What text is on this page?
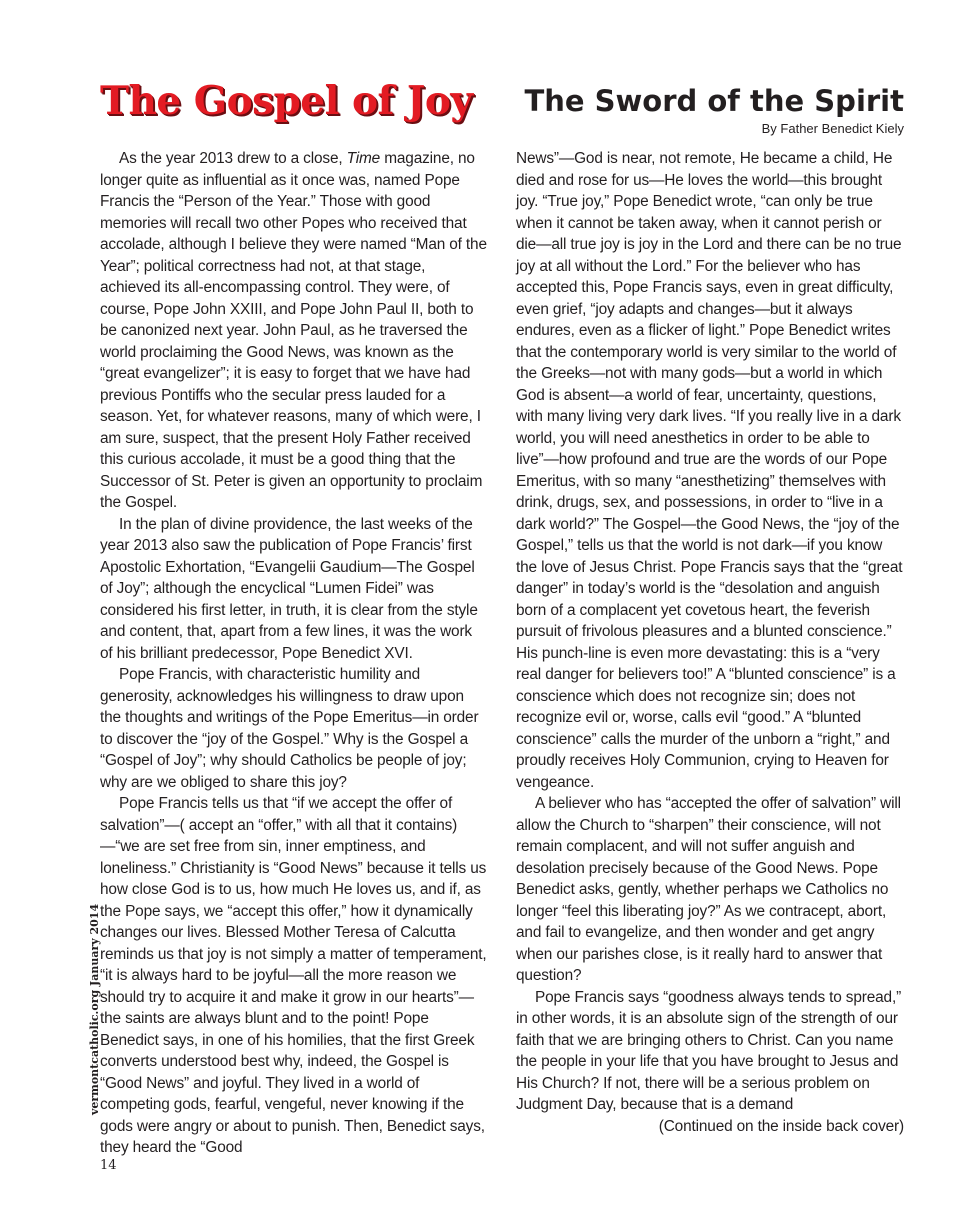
The Gospel of Joy The Sword of the Spirit
By Father Benedict Kiely

As the year 2013 drew to a close, Time magazine, no longer quite as influential as it once was, named Pope Francis the “Person of the Year.” Those with good memories will recall two other Popes who received that accolade, although I believe they were named “Man of the Year”; political correctness had not, at that stage, achieved its all-encompassing control. They were, of course, Pope John XXIII, and Pope John Paul II, both to be canonized next year. John Paul, as he traversed the world proclaiming the Good News, was known as the “great evangelizer”; it is easy to forget that we have had previous Pontiffs who the secular press lauded for a season. Yet, for whatever reasons, many of which were, I am sure, suspect, that the present Holy Father received this curious accolade, it must be a good thing that the Successor of St. Peter is given an opportunity to proclaim the Gospel.

In the plan of divine providence, the last weeks of the year 2013 also saw the publication of Pope Francis’ first Apostolic Exhortation, “Evangelii Gaudium—The Gospel of Joy”; although the encyclical “Lumen Fidei” was considered his first letter, in truth, it is clear from the style and content, that, apart from a few lines, it was the work of his brilliant predecessor, Pope Benedict XVI.

Pope Francis, with characteristic humility and generosity, acknowledges his willingness to draw upon the thoughts and writings of the Pope Emeritus—in order to discover the “joy of the Gospel.” Why is the Gospel a “Gospel of Joy”; why should Catholics be people of joy; why are we obliged to share this joy?

Pope Francis tells us that “if we accept the offer of salvation”—( accept an “offer,” with all that it contains)—“we are set free from sin, inner emptiness, and loneliness.” Christianity is “Good News” because it tells us how close God is to us, how much He loves us, and if, as the Pope says, we “accept this offer,” how it dynamically changes our lives. Blessed Mother Teresa of Calcutta reminds us that joy is not simply a matter of temperament, “it is always hard to be joyful—all the more reason we should try to acquire it and make it grow in our hearts”—the saints are always blunt and to the point! Pope Benedict says, in one of his homilies, that the first Greek converts understood best why, indeed, the Gospel is “Good News” and joyful. They lived in a world of competing gods, fearful, vengeful, never knowing if the gods were angry or about to punish. Then, Benedict says, they heard the “Good

News”—God is near, not remote, He became a child, He died and rose for us—He loves the world—this brought joy. “True joy,” Pope Benedict wrote, “can only be true when it cannot be taken away, when it cannot perish or die—all true joy is joy in the Lord and there can be no true joy at all without the Lord.” For the believer who has accepted this, Pope Francis says, even in great difficulty, even grief, “joy adapts and changes—but it always endures, even as a flicker of light.” Pope Benedict writes that the contemporary world is very similar to the world of the Greeks—not with many gods—but a world in which God is absent—a world of fear, uncertainty, questions, with many living very dark lives. “If you really live in a dark world, you will need anesthetics in order to be able to live”—how profound and true are the words of our Pope Emeritus, with so many “anesthetizing” themselves with drink, drugs, sex, and possessions, in order to “live in a dark world?” The Gospel—the Good News, the “joy of the Gospel,” tells us that the world is not dark—if you know the love of Jesus Christ. Pope Francis says that the “great danger” in today’s world is the “desolation and anguish born of a complacent yet covetous heart, the feverish pursuit of frivolous pleasures and a blunted conscience.” His punch-line is even more devastating: this is a “very real danger for believers too!” A “blunted conscience” is a conscience which does not recognize sin; does not recognize evil or, worse, calls evil “good.” A “blunted conscience” calls the murder of the unborn a “right,” and proudly receives Holy Communion, crying to Heaven for vengeance.

A believer who has “accepted the offer of salvation” will allow the Church to “sharpen” their conscience, will not remain complacent, and will not suffer anguish and desolation precisely because of the Good News. Pope Benedict asks, gently, whether perhaps we Catholics no longer “feel this liberating joy?” As we contracept, abort, and fail to evangelize, and then wonder and get angry when our parishes close, is it really hard to answer that question?

Pope Francis says “goodness always tends to spread,” in other words, it is an absolute sign of the strength of our faith that we are bringing others to Christ. Can you name the people in your life that you have brought to Jesus and His Church? If not, there will be a serious problem on Judgment Day, because that is a demand

(Continued on the inside back cover)

vermontcatholic.org January 2014
14
